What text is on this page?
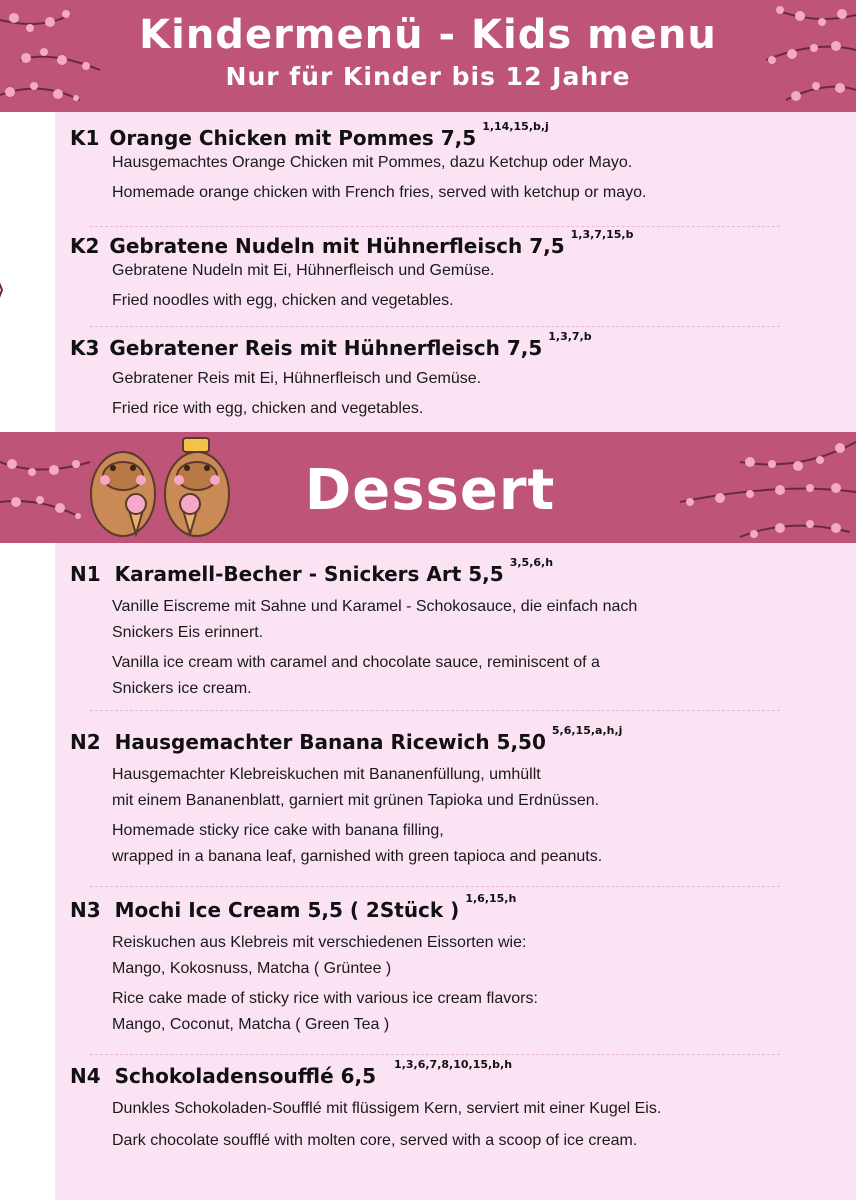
Kindermenü - Kids menu
Nur für Kinder bis 12 Jahre
K1 Orange Chicken mit Pommes 7,5 $^{1,14,15,b,j}$
Hausgemachtes Orange Chicken mit Pommes, dazu Ketchup oder Mayo.
Homemade orange chicken with French fries, served with ketchup or mayo.
K2 Gebratene Nudeln mit Hühnerfleisch 7,5 $^{1,3,7,15,b}$
Gebratene Nudeln mit Ei, Hühnerfleisch und Gemüse.
Fried noodles with egg, chicken and vegetables.
K3 Gebratener Reis mit Hühnerfleisch 7,5 $^{1,3,7,b}$
Gebratener Reis mit Ei, Hühnerfleisch und Gemüse.
Fried rice with egg, chicken and vegetables.
Dessert
N1 Karamell-Becher - Snickers Art 5,5 $^{3,5,6,h}$
Vanille Eiscreme mit Sahne und Karamel - Schokosauce, die einfach nach
Snickers Eis erinnert.
Vanilla ice cream with caramel and chocolate sauce, reminiscent of a
Snickers ice cream.
N2 Hausgemachter Banana Ricewich 5,50 $^{5,6,15,a,h,j}$
Hausgemachter Klebreiskuchen mit Bananenfüllung, umhüllt
mit einem Bananenblatt, garniert mit grünen Tapioka und Erdnüssen.
Homemade sticky rice cake with banana filling,
wrapped in a banana leaf, garnished with green tapioca and peanuts.
N3 Mochi Ice Cream 5,5 ( 2Stück ) $^{1,6,15,h}$
Reiskuchen aus Klebreis mit verschiedenen Eissorten wie:
Mango, Kokosnuss, Matcha ( Grüntee )
Rice cake made of sticky rice with various ice cream flavors:
Mango, Coconut, Matcha ( Green Tea )
N4 Schokoladensoufflé 6,5 $^{1,3,6,7,8,10,15,b,h}$
Dunkles Schokoladen-Soufflé mit flüssigem Kern, serviert mit einer Kugel Eis.
Dark chocolate soufflé with molten core, served with a scoop of ice cream.
